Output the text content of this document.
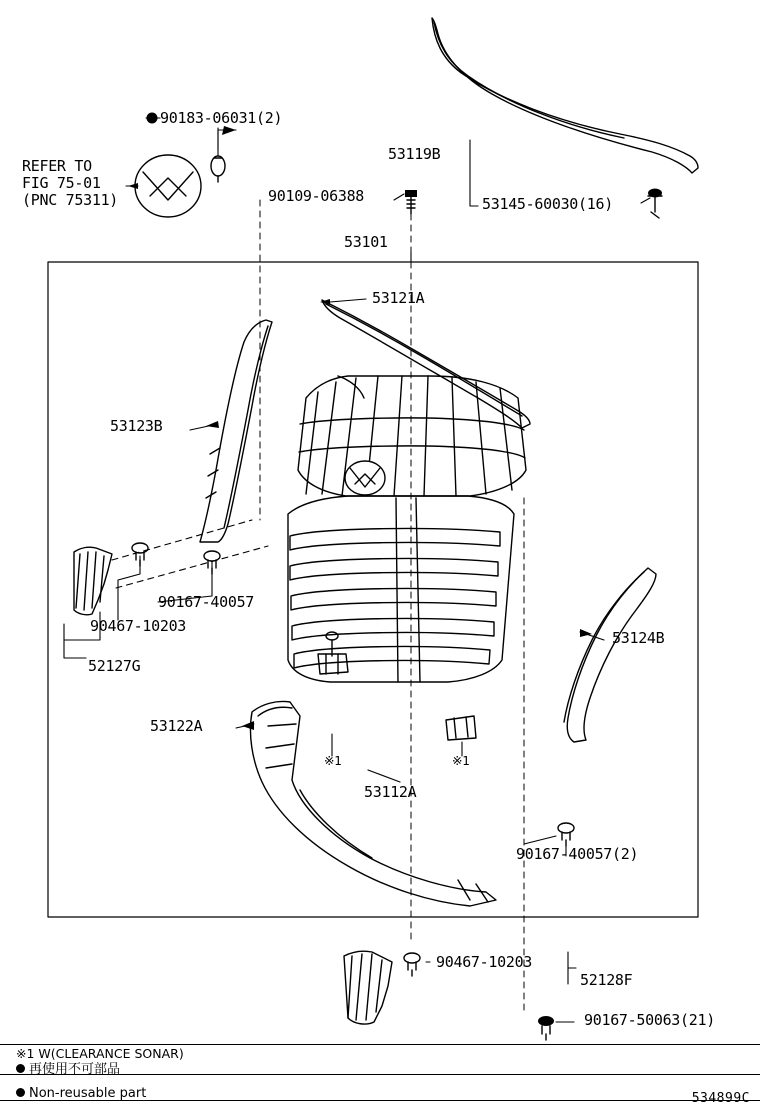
90183-06031(2)
REFER TO
FIG 75-01
(PNC 75311)	90109-06388
53119B
53145-60030(16)
53101
53121A
53123B
90167-40057
90467-10203
52127G
53124B
53122A
53112A
※1	※1
90167-40057(2)
90467-10203
52128F
90167-50063(21)
※1 W(CLEARANCE SONAR)
再使用不可部品
Non-reusable part	534899C
